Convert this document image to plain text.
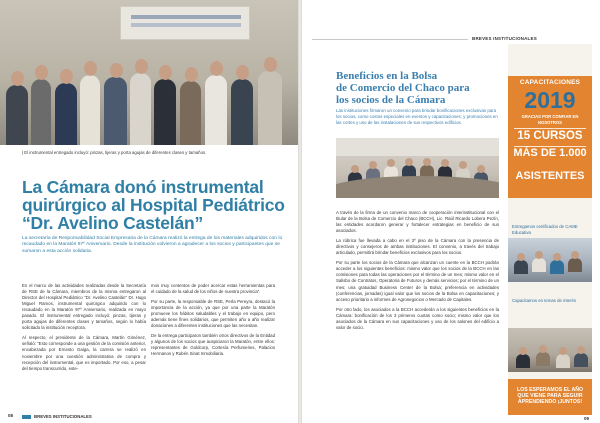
| El instrumental entregado incluyó: pinzas, tijeras y porta agujas de diferentes clases y tamaños.
La Cámara donó instrumental
quirúrgico al Hospital Pediátrico
“Dr. Avelino Castelán”

La secretaría de Responsabilidad Social Empresaria de la Cámara realizó la entrega de los materiales adquiridos con lo recaudado en la Maratón 97º Aniversario. Desde la institución volvieron a agradecer a los socios y participantes que se sumaron a esta acción solidaria.

En el marco de las actividades realizadas desde la Secretaría de RSE de la Cámara, miembros de la misma entregaron al Director del Hospital Pediátrico “Dr. Avelino Castelán” Dr. Hugo Miguel Ramos, instrumental quirúrgico adquirido con lo recaudado en la Maratón 97º Aniversario, realizada en mayo pasado. El instrumental entregado incluyó: pinzas, tijeras y porta agujas de diferentes clases y tamaños, según lo había solicitado la institución receptora.

Al respecto, el presidente de la Cámara, Martín Giménez, señaló: “Esto corresponde a una gestión de la comisión anterior, encabezada por Ernesto Gaiga, la carrera se realizó en noviembre por una cuestión administrativa de compra y recepción del instrumental, que es importado. Por eso, a pesar del tiempo transcurrido, este-

mos muy contentos de poder acercar estas herramientas para el cuidado de la salud de los niños de nuestra provincia”.

Por su parte, la responsable de RSE, Perla Pereyra, destacó la importancia de la acción, ya que por una parte la Maratón promueve los hábitos saludables y el trabajo en equipo, pero además tiene fines solidarios, que permiten año a año realizar donaciones a diferentes instituciones que las necesitan.

De la entrega participaron también otros directivos de la Entidad y algunos de los socios que auspiciaron la Maratón, entre ellos: representantes de Goldcorp, Cortesía Perfumeries, Palacios Hermanos y Rubén Sinat Inmobiliaria.

08	BREVES INSTITUCIONALES
BREVES INSTITUCIONALES
Beneficios en la Bolsa
de Comercio del Chaco para
los socios de la Cámara

Las instituciones firmaron un convenio para brindar bonificaciones exclusivas para los socios, como costos especiales en eventos y capacitaciones; y promociones en las cortes y uso de las instalaciones de sus respectivos edificios.

A través de la firma de un convenio marco de cooperación interinstitucional con el titular de la Bolsa de Comercio del Chaco (BCCH), Lic. Raúl Ricardo Lobera Pezín, las entidades acordaron generar y fortalecer estrategias en beneficio de sus asociados.

La rúbrica fue llevada a cabo en el 3º piso de la Cámara con la presencia de directivos y consejeros de ambas instituciones. El convenio, a través del trabajo articulado, permitirá brindar beneficios exclusivos para los socios.

Por su parte los socios de la Cámara que alcanzan un cuente en la BCCH podrán acceder a los siguientes beneficios: mismo valor que los socios de la BCCH en las comisiones para todas las operaciones por el término de un mes; mismo valor en el Salisbo de Contratos, Operatoria de Futuros y demás servicios; por el término de un mes; una gratuidad Business Center de la Bolsa; preferencia en actividades (conferencias, jornadas) igual valor que los socios de la Bolsa en capacitaciones; y acceso prioritario a informes de Agronegocios o Mercado de Capitales.

Por otro lado, los asociados a la BCCH accederán a los siguientes beneficios en la Cámara: bonificación de los 3 primeros cuotas como socio; mismo valor que los asociados de la Cámara en sus capacitaciones y uso de los salones del edificio a valor de socio.

09
CAPACITACIONES
2019
GRACIAS POR CONFIAR EN NOSOTROS
15 CURSOS
MÁS DE 1.000
ASISTENTES
Entregamos certificados de CAME Educativa
Capacitamos en temas de interés
LOS ESPERAMOS EL AÑO QUE VIENE PARA SEGUIR APRENDIENDO ¡JUNTOS!
